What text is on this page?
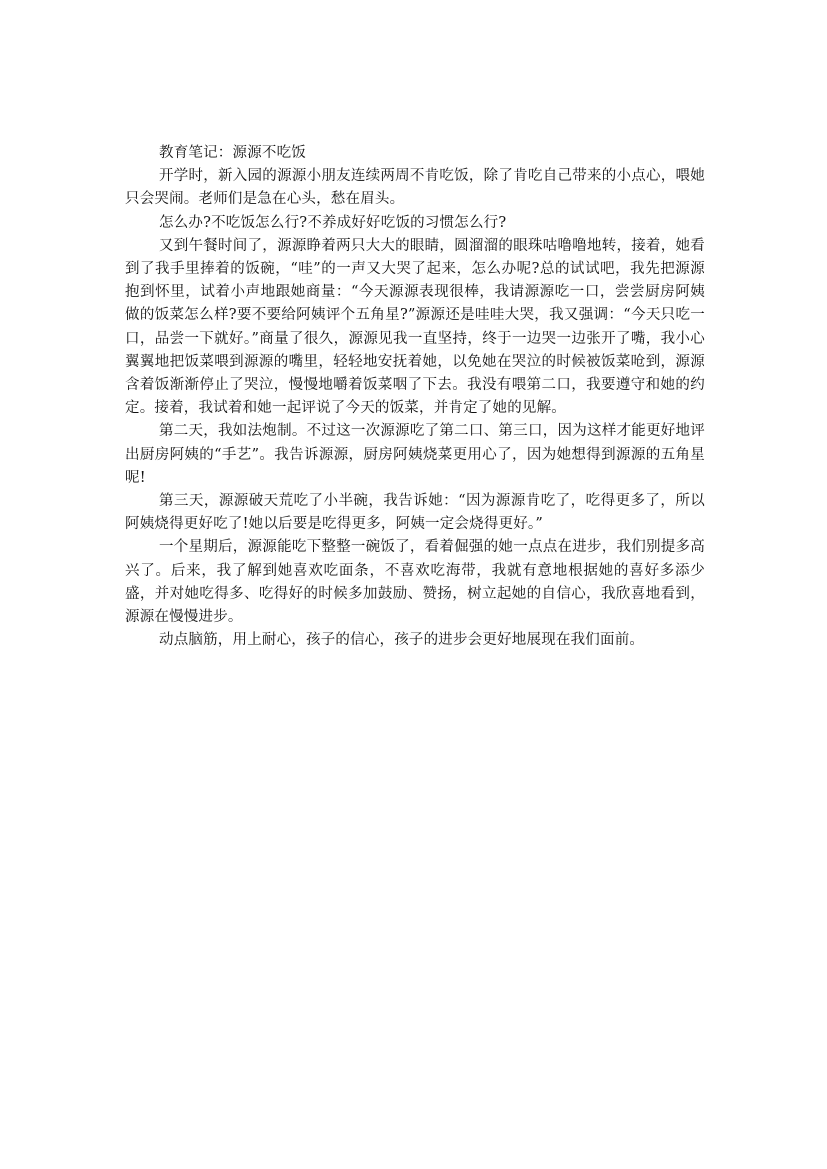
教育笔记：源源不吃饭

开学时，新入园的源源小朋友连续两周不肯吃饭，除了肯吃自己带来的小点心，喂她只会哭闹。老师们是急在心头，愁在眉头。

怎么办?不吃饭怎么行?不养成好好吃饭的习惯怎么行?

又到午餐时间了，源源睁着两只大大的眼睛，圆溜溜的眼珠咕噜噜地转，接着，她看到了我手里捧着的饭碗，“哇”的一声又大哭了起来，怎么办呢?总的试试吧，我先把源源抱到怀里，试着小声地跟她商量：“今天源源表现很棒，我请源源吃一口，尝尝厨房阿姨做的饭菜怎么样?要不要给阿姨评个五角星?”源源还是哇哇大哭，我又强调：“今天只吃一口，品尝一下就好。”商量了很久，源源见我一直坚持，终于一边哭一边张开了嘴，我小心翼翼地把饭菜喂到源源的嘴里，轻轻地安抚着她，以免她在哭泣的时候被饭菜呛到，源源含着饭渐渐停止了哭泣，慢慢地嚼着饭菜咽了下去。我没有喂第二口，我要遵守和她的约定。接着，我试着和她一起评说了今天的饭菜，并肯定了她的见解。

第二天，我如法炮制。不过这一次源源吃了第二口、第三口，因为这样才能更好地评出厨房阿姨的“手艺”。我告诉源源，厨房阿姨烧菜更用心了，因为她想得到源源的五角星呢!

第三天，源源破天荒吃了小半碗，我告诉她：“因为源源肯吃了，吃得更多了，所以阿姨烧得更好吃了!她以后要是吃得更多，阿姨一定会烧得更好。”

一个星期后，源源能吃下整整一碗饭了，看着倔强的她一点点在进步，我们别提多高兴了。后来，我了解到她喜欢吃面条，不喜欢吃海带，我就有意地根据她的喜好多添少盛，并对她吃得多、吃得好的时候多加鼓励、赞扬，树立起她的自信心，我欣喜地看到，源源在慢慢进步。

动点脑筋，用上耐心，孩子的信心，孩子的进步会更好地展现在我们面前。
